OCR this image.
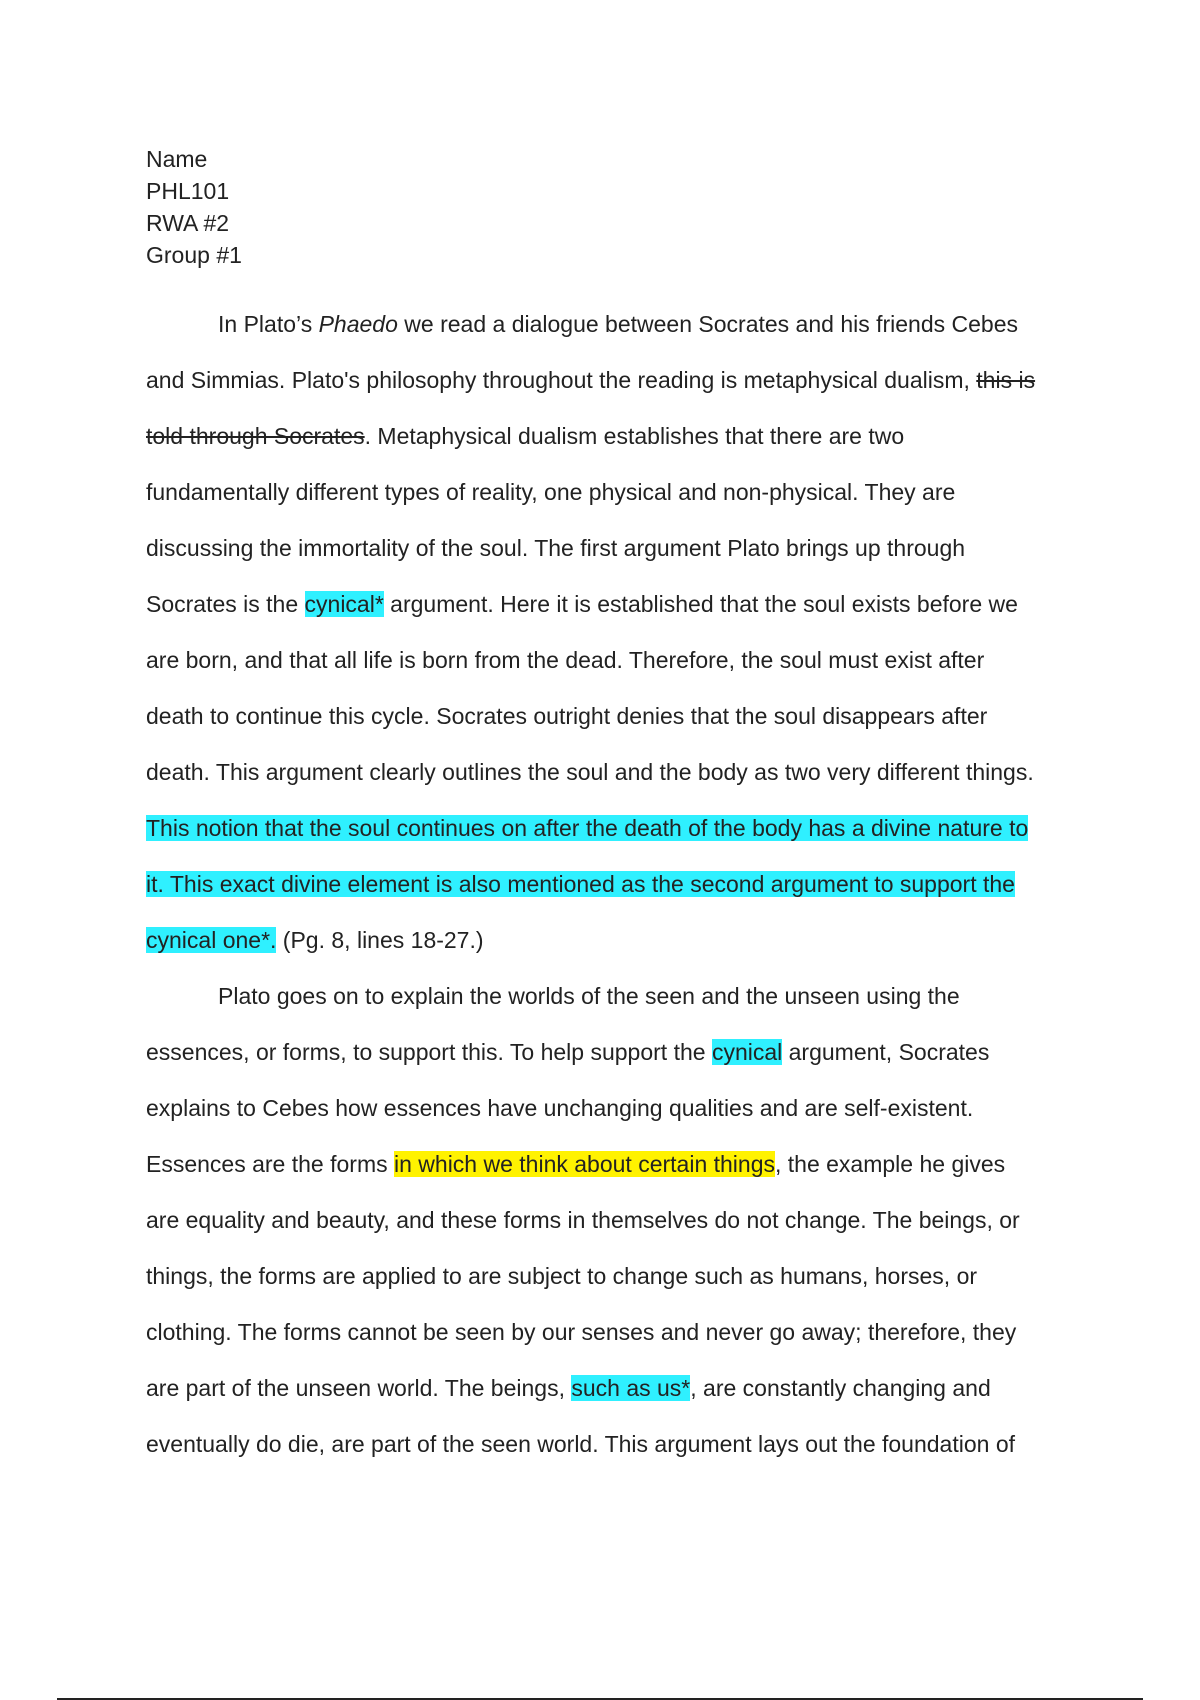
Name
PHL101
RWA #2
Group #1
In Plato’s Phaedo we read a dialogue between Socrates and his friends Cebes
and Simmias. Plato's philosophy throughout the reading is metaphysical dualism, this is
told through Socrates. Metaphysical dualism establishes that there are two
fundamentally different types of reality, one physical and non-physical. They are
discussing the immortality of the soul. The first argument Plato brings up through
Socrates is the cynical* argument. Here it is established that the soul exists before we
are born, and that all life is born from the dead. Therefore, the soul must exist after
death to continue this cycle. Socrates outright denies that the soul disappears after
death. This argument clearly outlines the soul and the body as two very different things.
This notion that the soul continues on after the death of the body has a divine nature to
it. This exact divine element is also mentioned as the second argument to support the
cynical one*. (Pg. 8, lines 18-27.)
Plato goes on to explain the worlds of the seen and the unseen using the
essences, or forms, to support this. To help support the cynical argument, Socrates
explains to Cebes how essences have unchanging qualities and are self-existent.
Essences are the forms in which we think about certain things, the example he gives
are equality and beauty, and these forms in themselves do not change. The beings, or
things, the forms are applied to are subject to change such as humans, horses, or
clothing. The forms cannot be seen by our senses and never go away; therefore, they
are part of the unseen world. The beings, such as us*, are constantly changing and
eventually do die, are part of the seen world. This argument lays out the foundation of
